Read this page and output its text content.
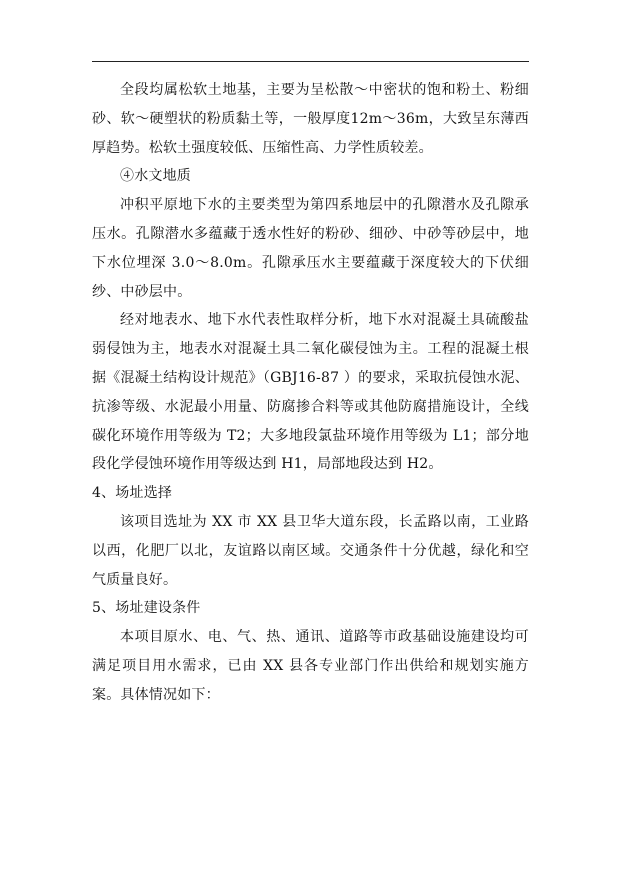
全段均属松软土地基，主要为呈松散～中密状的饱和粉土、粉细砂、软～硬塑状的粉质黏土等，一般厚度12m～36m，大致呈东薄西厚趋势。松软土强度较低、压缩性高、力学性质较差。

④水文地质

冲积平原地下水的主要类型为第四系地层中的孔隙潜水及孔隙承压水。孔隙潜水多蕴藏于透水性好的粉砂、细砂、中砂等砂层中，地下水位埋深 3.0～8.0m。孔隙承压水主要蕴藏于深度较大的下伏细纱、中砂层中。

经对地表水、地下水代表性取样分析，地下水对混凝土具硫酸盐弱侵蚀为主，地表水对混凝土具二氧化碳侵蚀为主。工程的混凝土根据《混凝土结构设计规范》（GBJ16-87 ）的要求，采取抗侵蚀水泥、抗渗等级、水泥最小用量、防腐掺合料等或其他防腐措施设计，全线碳化环境作用等级为 T2；大多地段氯盐环境作用等级为 L1；部分地段化学侵蚀环境作用等级达到 H1，局部地段达到 H2。

4、场址选择

该项目选址为 XX 市 XX 县卫华大道东段，长孟路以南，工业路以西，化肥厂以北，友谊路以南区域。交通条件十分优越，绿化和空气质量良好。

5、场址建设条件

本项目原水、电、气、热、通讯、道路等市政基础设施建设均可满足项目用水需求，已由 XX 县各专业部门作出供给和规划实施方案。具体情况如下：
